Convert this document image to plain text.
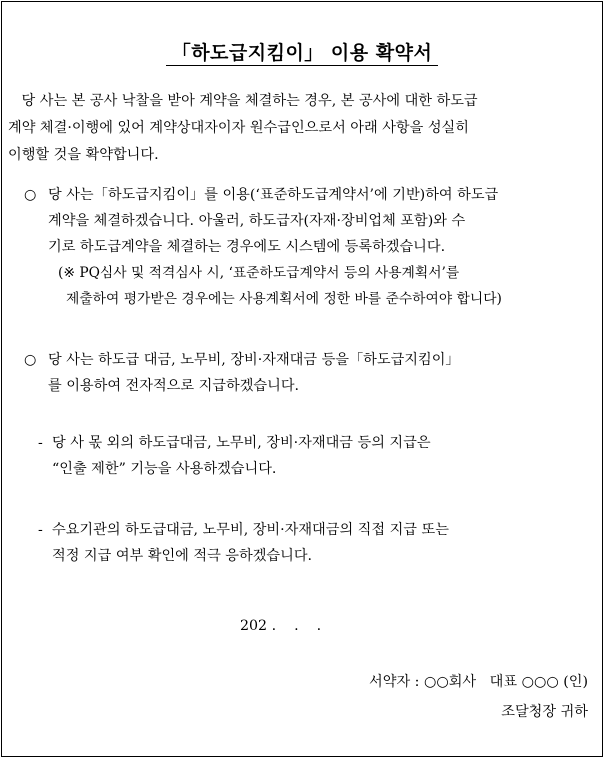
「하도급지킴이」 이용 확약서
당 사는 본 공사 낙찰을 받아 계약을 체결하는 경우, 본 공사에 대한 하도급
계약 체결·이행에 있어 계약상대자이자 원수급인으로서 아래 사항을 성실히
이행할 것을 확약합니다.
○ 당 사는「하도급지킴이」를 이용(‘표준하도급계약서’에 기반)하여 하도급
계약을 체결하겠습니다. 아울러, 하도급자(자재·장비업체 포함)와 수
기로 하도급계약을 체결하는 경우에도 시스템에 등록하겠습니다.
(※ PQ심사 및 적격심사 시, ‘표준하도급계약서 등의 사용계획서’를
제출하여 평가받은 경우에는 사용계획서에 정한 바를 준수하여야 합니다)
○ 당 사는 하도급 대금, 노무비, 장비·자재대금 등을「하도급지킴이」
를 이용하여 전자적으로 지급하겠습니다.
- 당 사 몫 외의 하도급대금, 노무비, 장비·자재대금 등의 지급은
“인출 제한” 기능을 사용하겠습니다.
- 수요기관의 하도급대금, 노무비, 장비·자재대금의 직접 지급 또는
적정 지급 여부 확인에 적극 응하겠습니다.
202 .    .    .
서약자 : ○○회사   대표 ○○○ (인)
조달청장 귀하
